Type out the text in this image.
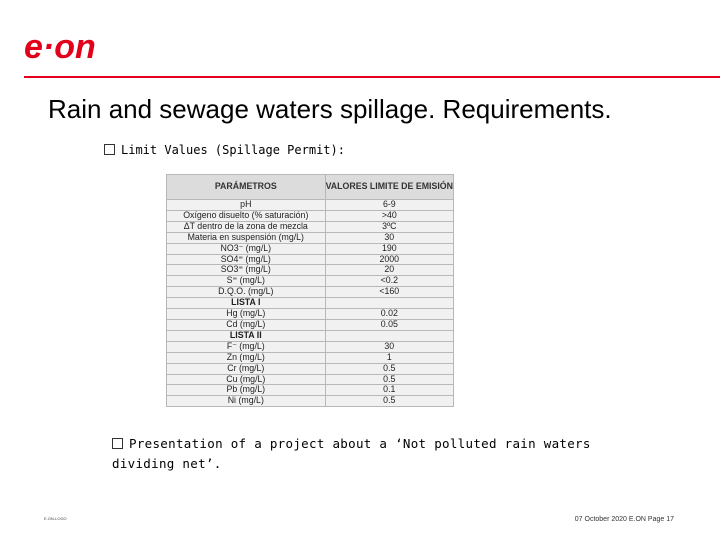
e·on
Rain and sewage waters spillage. Requirements.
Limit Values (Spillage Permit):
PARÁMETROS	VALORES LIMITE DE EMISIÓN
pH	6-9
Oxígeno disuelto (% saturación)	>40
ΔT dentro de la zona de mezcla	3ºC
Materia en suspensión (mg/L)	30
NO3⁻ (mg/L)	190
SO4⁼ (mg/L)	2000
SO3⁼ (mg/L)	20
S⁼ (mg/L)	<0.2
D.Q.O. (mg/L)	<160
LISTA I	
Hg (mg/L)	0.02
Cd (mg/L)	0.05
LISTA II	
F⁻ (mg/L)	30
Zn (mg/L)	1
Cr (mg/L)	0.5
Cu (mg/L)	0.5
Pb (mg/L)	0.1
Ni (mg/L)	0.5
Presentation of a project about a ‘Not polluted rain waters dividing net’.
E.ON-LOGO	07 October 2020 E.ON Page 17
